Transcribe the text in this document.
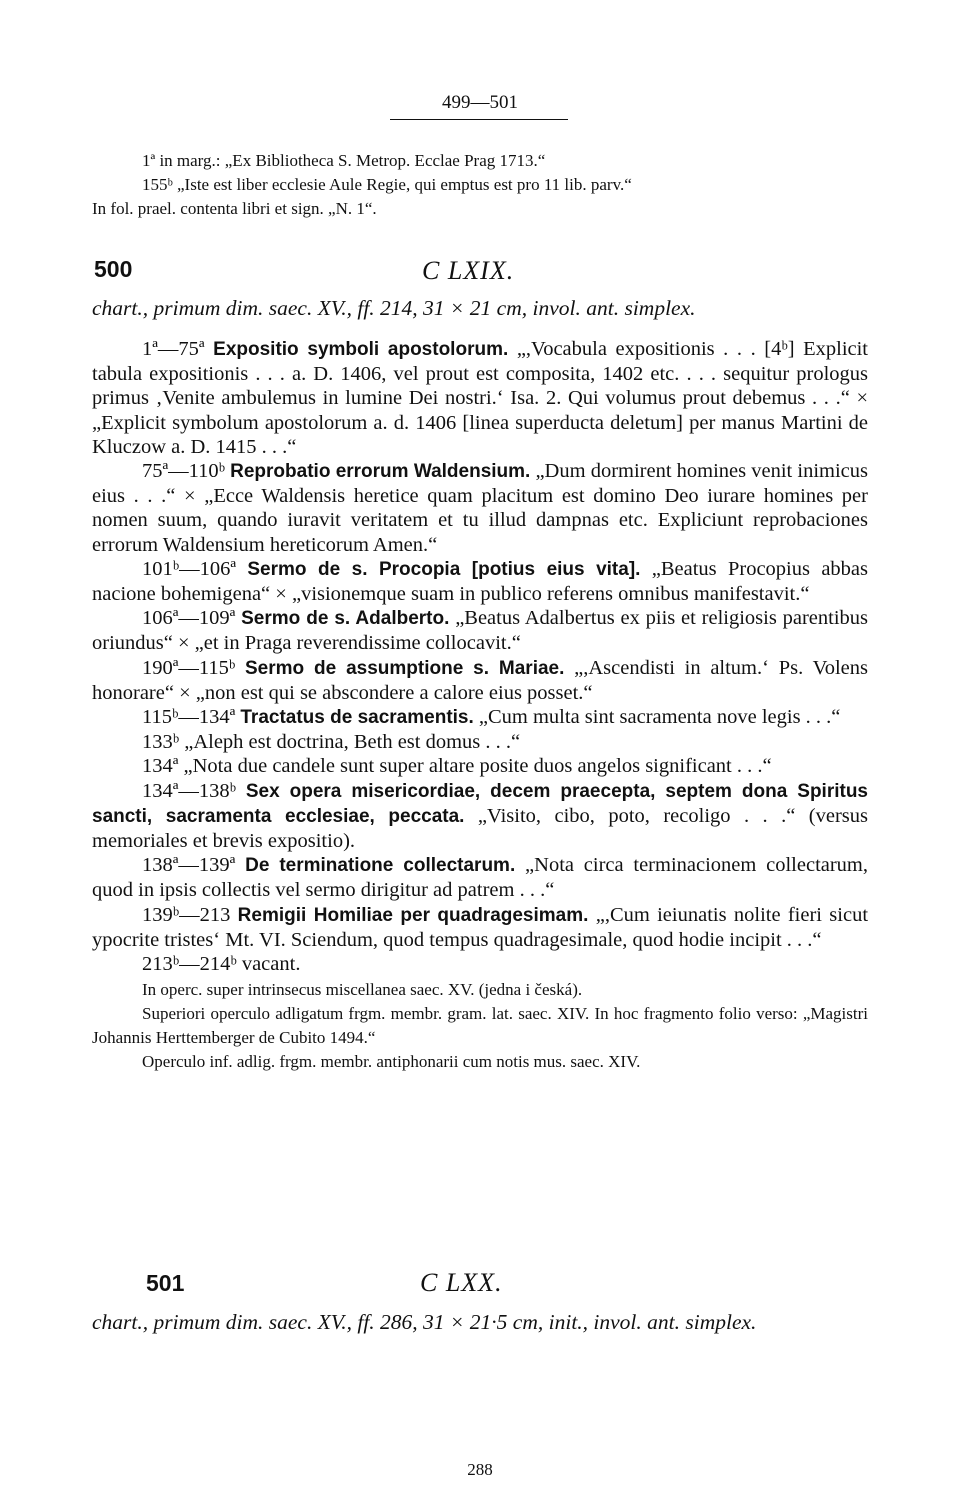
499—501

1ª in marg.: „Ex Bibliotheca S. Metrop. Ecclae Prag 1713.“

155ᵇ „Iste est liber ecclesie Aule Regie, qui emptus est pro 11 lib. parv.“

In fol. prael. contenta libri et sign. „N. 1“.

500	C LXIX.
chart., primum dim. saec. XV., ff. 214, 31 × 21 cm, invol. ant. simplex.

1ª—75ª Expositio symboli apostolorum. „,Vocabula expositionis . . . [4ᵇ] Explicit tabula expositionis . . . a. D. 1406, vel prout est composita, 1402 etc. . . . sequitur prologus primus ‚Venite ambulemus in lumine Dei nostri.‘ Isa. 2. Qui volumus prout debemus . . .“ × „Explicit symbolum apostolorum a. d. 1406 [linea superducta deletum] per manus Martini de Kluczow a. D. 1415 . . .“

75ª—110ᵇ Reprobatio errorum Waldensium. „Dum dormirent homines venit inimicus eius . . .“ × „Ecce Waldensis heretice quam placitum est domino Deo iurare homines per nomen suum, quando iuravit veritatem et tu illud dampnas etc. Expliciunt reprobaciones errorum Waldensium hereticorum Amen.“

101ᵇ—106ª Sermo de s. Procopia [potius eius vita]. „Beatus Procopius abbas nacione bohemigena“ × „visionemque suam in publico referens omnibus manifestavit.“

106ª—109ª Sermo de s. Adalberto. „Beatus Adalbertus ex piis et religiosis parentibus oriundus“ × „et in Praga reverendissime collocavit.“

190ª—115ᵇ Sermo de assumptione s. Mariae. „,Ascendisti in altum.‘ Ps. Volens honorare“ × „non est qui se abscondere a calore eius posset.“

115ᵇ—134ª Tractatus de sacramentis. „Cum multa sint sacramenta nove legis . . .“

133ᵇ „Aleph est doctrina, Beth est domus . . .“

134ª „Nota due candele sunt super altare posite duos angelos significant . . .“

134ª—138ᵇ Sex opera misericordiae, decem praecepta, septem dona Spiritus sancti, sacramenta ecclesiae, peccata. „Visito, cibo, poto, recoligo . . .“ (versus memoriales et brevis expositio).

138ª—139ª De terminatione collectarum. „Nota circa terminacionem collectarum, quod in ipsis collectis vel sermo dirigitur ad patrem . . .“

139ᵇ—213 Remigii Homiliae per quadragesimam. „,Cum ieiunatis nolite fieri sicut ypocrite tristes‘ Mt. VI. Sciendum, quod tempus quadragesimale, quod hodie incipit . . .“

213ᵇ—214ᵇ vacant.

In operc. super intrinsecus miscellanea saec. XV. (jedna i česká).

Superiori operculo adligatum frgm. membr. gram. lat. saec. XIV. In hoc fragmento folio verso: „Magistri Johannis Herttemberger de Cubito 1494.“

Operculo inf. adlig. frgm. membr. antiphonarii cum notis mus. saec. XIV.

501	C LXX.
chart., primum dim. saec. XV., ff. 286, 31 × 21·5 cm, init., invol. ant. simplex.
288
